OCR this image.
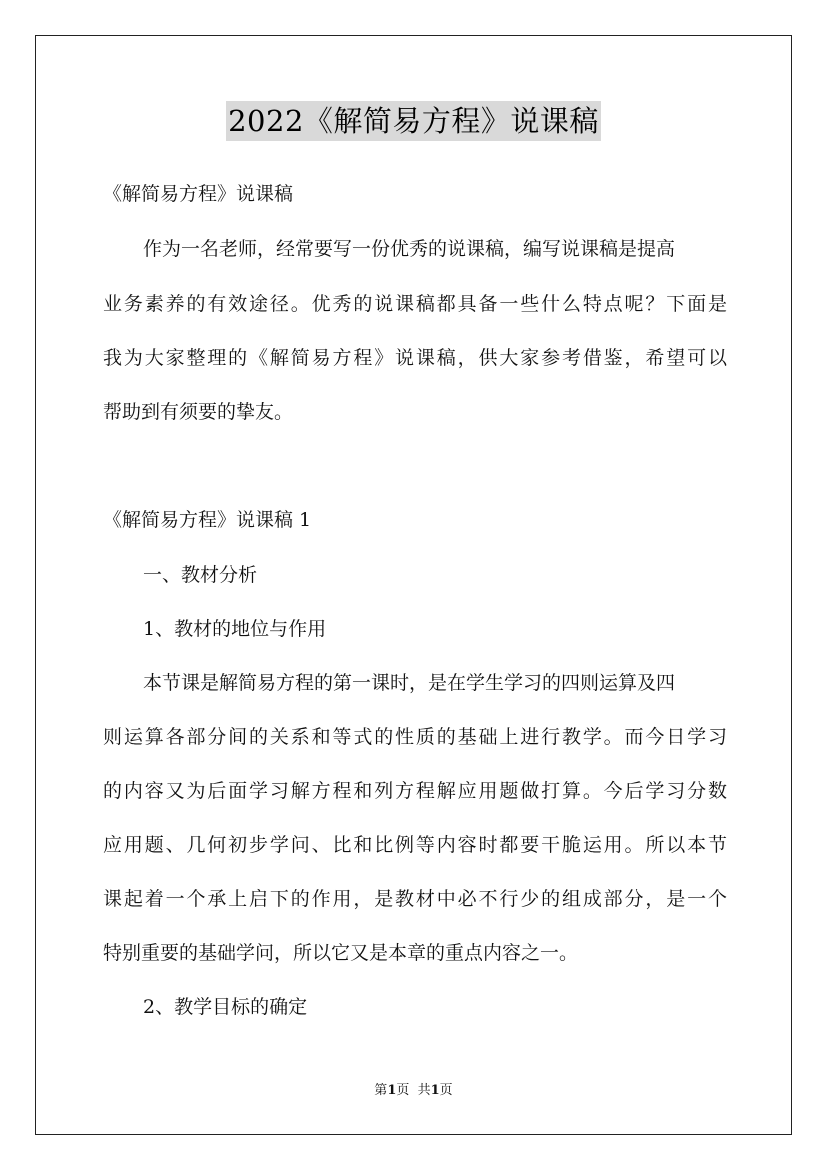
2022《解简易方程》说课稿
《解简易方程》说课稿
作为一名老师，经常要写一份优秀的说课稿，编写说课稿是提高
业务素养的有效途径。优秀的说课稿都具备一些什么特点呢？下面是
我为大家整理的《解简易方程》说课稿，供大家参考借鉴，希望可以
帮助到有须要的挚友。
《解简易方程》说课稿 1
一、教材分析
1、教材的地位与作用
本节课是解简易方程的第一课时，是在学生学习的四则运算及四
则运算各部分间的关系和等式的性质的基础上进行教学。而今日学习
的内容又为后面学习解方程和列方程解应用题做打算。今后学习分数
应用题、几何初步学问、比和比例等内容时都要干脆运用。所以本节
课起着一个承上启下的作用，是教材中必不行少的组成部分，是一个
特别重要的基础学问，所以它又是本章的重点内容之一。
2、教学目标的确定
第1页  共1页
